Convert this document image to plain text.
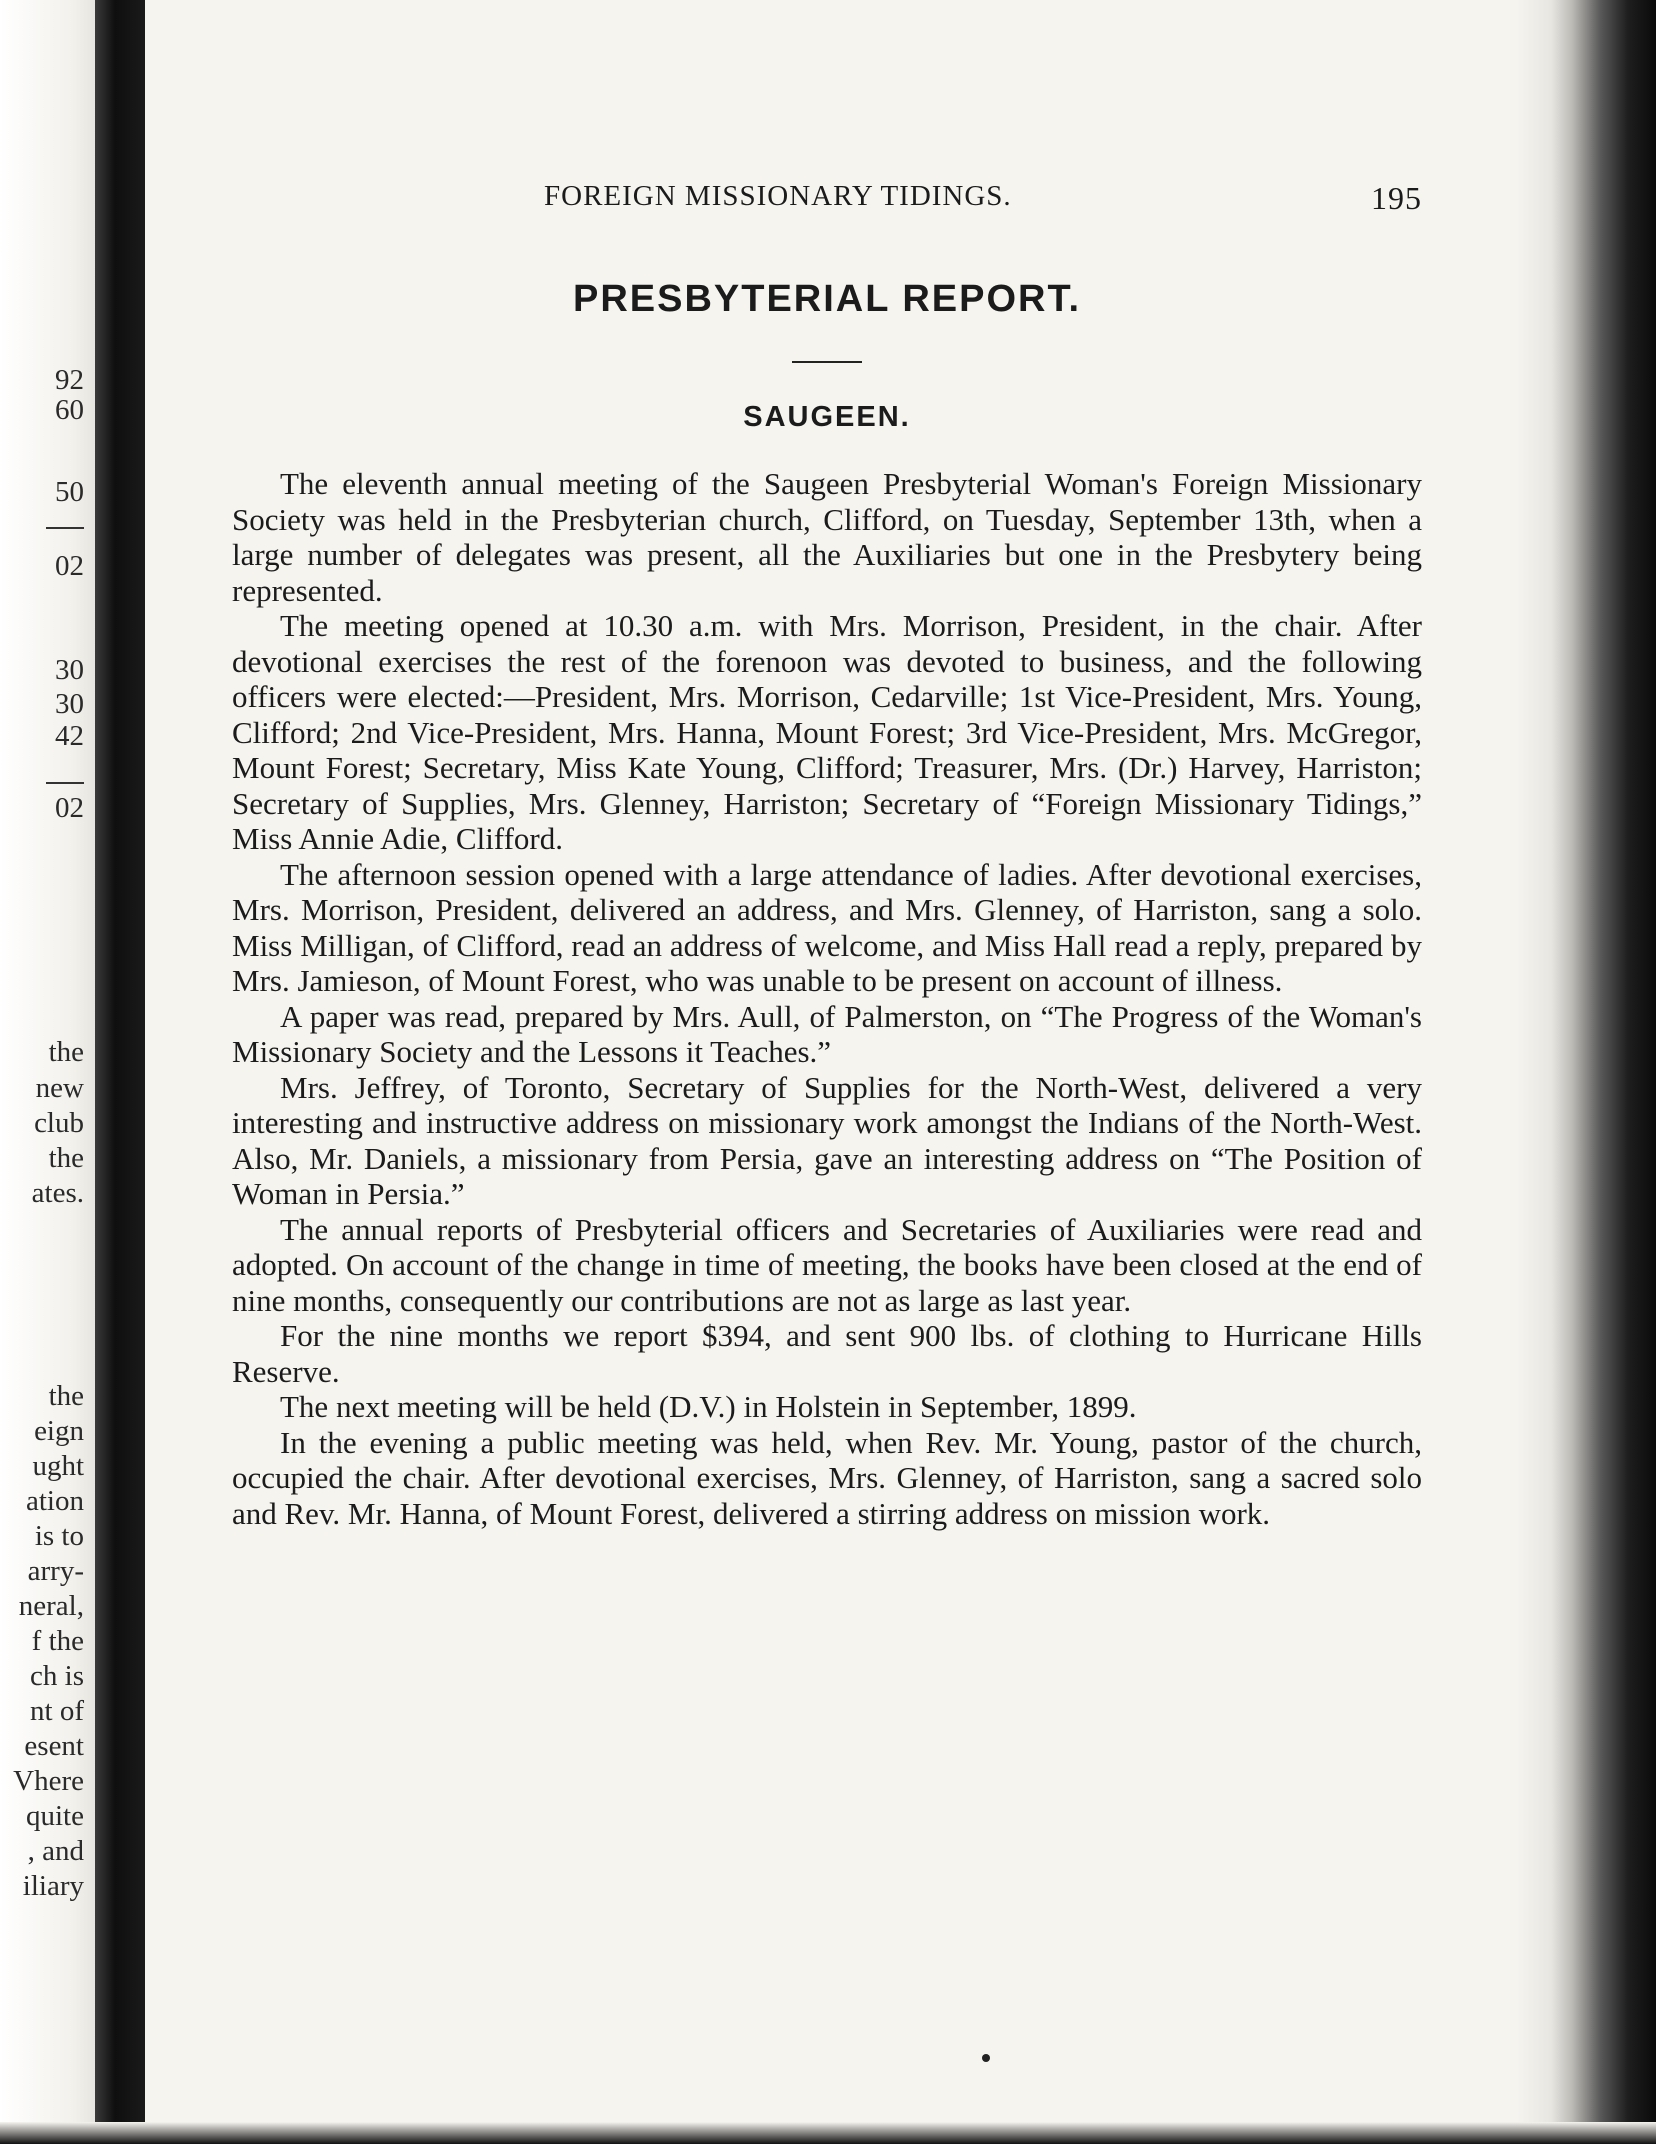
92
60
50
02
30
30
42
02
the
new
club
the
ates.
the
eign
ught
ation
is to
arry-
neral,
f the
ch is
nt of
esent
Vhere
quite
, and
iliary
FOREIGN MISSIONARY TIDINGS.	195
PRESBYTERIAL REPORT.
SAUGEEN.

The eleventh annual meeting of the Saugeen Presbyterial Woman's Foreign Missionary Society was held in the Presbyterian church, Clifford, on Tuesday, September 13th, when a large number of delegates was present, all the Auxiliaries but one in the Presbytery being represented.

The meeting opened at 10.30 a.m. with Mrs. Morrison, President, in the chair. After devotional exercises the rest of the forenoon was devoted to business, and the following officers were elected:—President, Mrs. Morrison, Cedarville; 1st Vice-President, Mrs. Young, Clifford; 2nd Vice-President, Mrs. Hanna, Mount Forest; 3rd Vice-President, Mrs. McGregor, Mount Forest; Secretary, Miss Kate Young, Clifford; Treasurer, Mrs. (Dr.) Harvey, Harriston; Secretary of Supplies, Mrs. Glenney, Harriston; Secretary of “Foreign Missionary Tidings,” Miss Annie Adie, Clifford.

The afternoon session opened with a large attendance of ladies. After devotional exercises, Mrs. Morrison, President, delivered an address, and Mrs. Glenney, of Harriston, sang a solo. Miss Milligan, of Clifford, read an address of welcome, and Miss Hall read a reply, prepared by Mrs. Jamieson, of Mount Forest, who was unable to be present on account of illness.

A paper was read, prepared by Mrs. Aull, of Palmerston, on “The Progress of the Woman's Missionary Society and the Lessons it Teaches.”

Mrs. Jeffrey, of Toronto, Secretary of Supplies for the North-West, delivered a very interesting and instructive address on missionary work amongst the Indians of the North-West. Also, Mr. Daniels, a missionary from Persia, gave an interesting address on “The Position of Woman in Persia.”

The annual reports of Presbyterial officers and Secretaries of Auxiliaries were read and adopted. On account of the change in time of meeting, the books have been closed at the end of nine months, consequently our contributions are not as large as last year.

For the nine months we report $394, and sent 900 lbs. of clothing to Hurricane Hills Reserve.

The next meeting will be held (D.V.) in Holstein in September, 1899.

In the evening a public meeting was held, when Rev. Mr. Young, pastor of the church, occupied the chair. After devotional exercises, Mrs. Glenney, of Harriston, sang a sacred solo and Rev. Mr. Hanna, of Mount Forest, delivered a stirring address on mission work.
